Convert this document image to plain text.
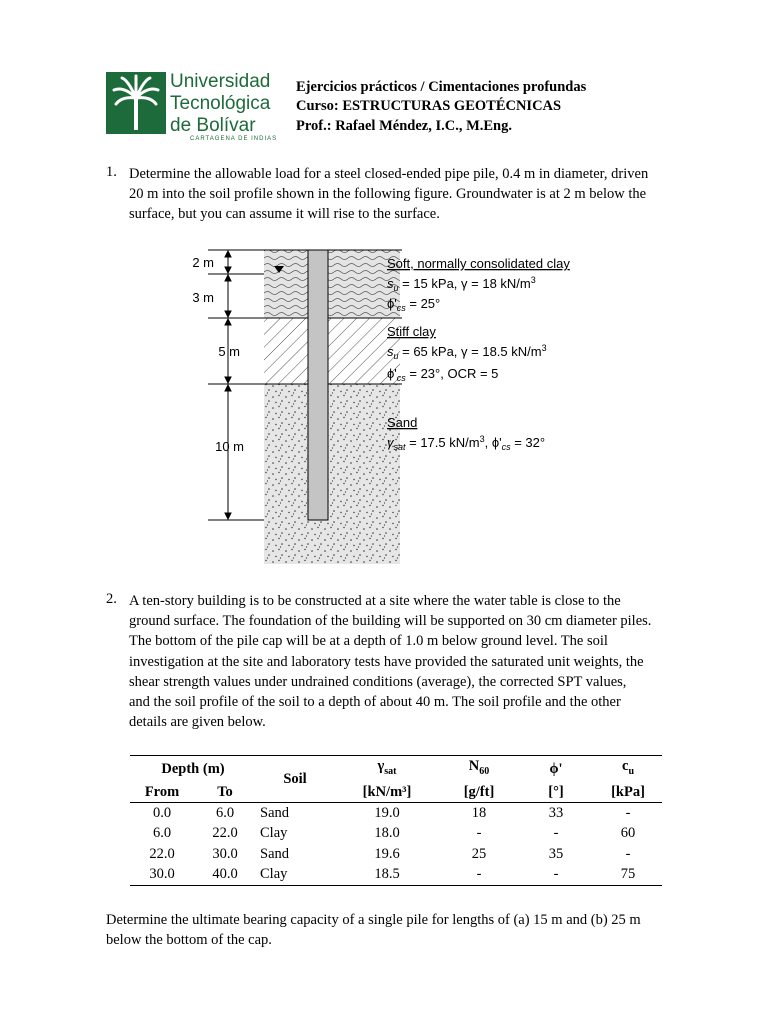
Universidad
Tecnológica
de Bolívar
CARTAGENA DE INDIAS
Ejercicios prácticos / Cimentaciones profundas
Curso: ESTRUCTURAS GEOTÉCNICAS
Prof.: Rafael Méndez, I.C., M.Eng.
1. Determine the allowable load for a steel closed-ended pipe pile, 0.4 m in diameter, driven
20 m into the soil profile shown in the following figure. Groundwater is at 2 m below the
surface, but you can assume it will rise to the surface.
2 m
3 m
5 m
10 m
Soft, normally consolidated clay
$s_u = 15$ kPa, γ = 18 $kN/m^3$
$\phi'_{cs} = 25^\circ$
Stiff clay
$s_u = 65$ kPa, γ = 18.5 $kN/m^3$
$\phi'_{cs} = 23^\circ$, OCR = 5
Sand
$\gamma_{sat} = 17.5$ $kN/m^3$, $\phi'_{cs} = 32^\circ$
2. A ten-story building is to be constructed at a site where the water table is close to the
ground surface. The foundation of the building will be supported on 30 cm diameter piles.
The bottom of the pile cap will be at a depth of 1.0 m below ground level. The soil
investigation at the site and laboratory tests have provided the saturated unit weights, the
shear strength values under undrained conditions (average), the corrected SPT values,
and the soil profile of the soil to a depth of about 40 m. The soil profile and the other
details are given below.
Depth (m)		Soil	$\gamma_{sat}$	$N_{60}$	ϕ'	$c_u$
From	To		[kN/m³]	[g/ft]	[°]	[kPa]
0.0	6.0	Sand	19.0	18	33	-
6.0	22.0	Clay	18.0	-	-	60
22.0	30.0	Sand	19.6	25	35	-
30.0	40.0	Clay	18.5	-	-	75
Determine the ultimate bearing capacity of a single pile for lengths of (a) 15 m and (b) 25 m
below the bottom of the cap.
